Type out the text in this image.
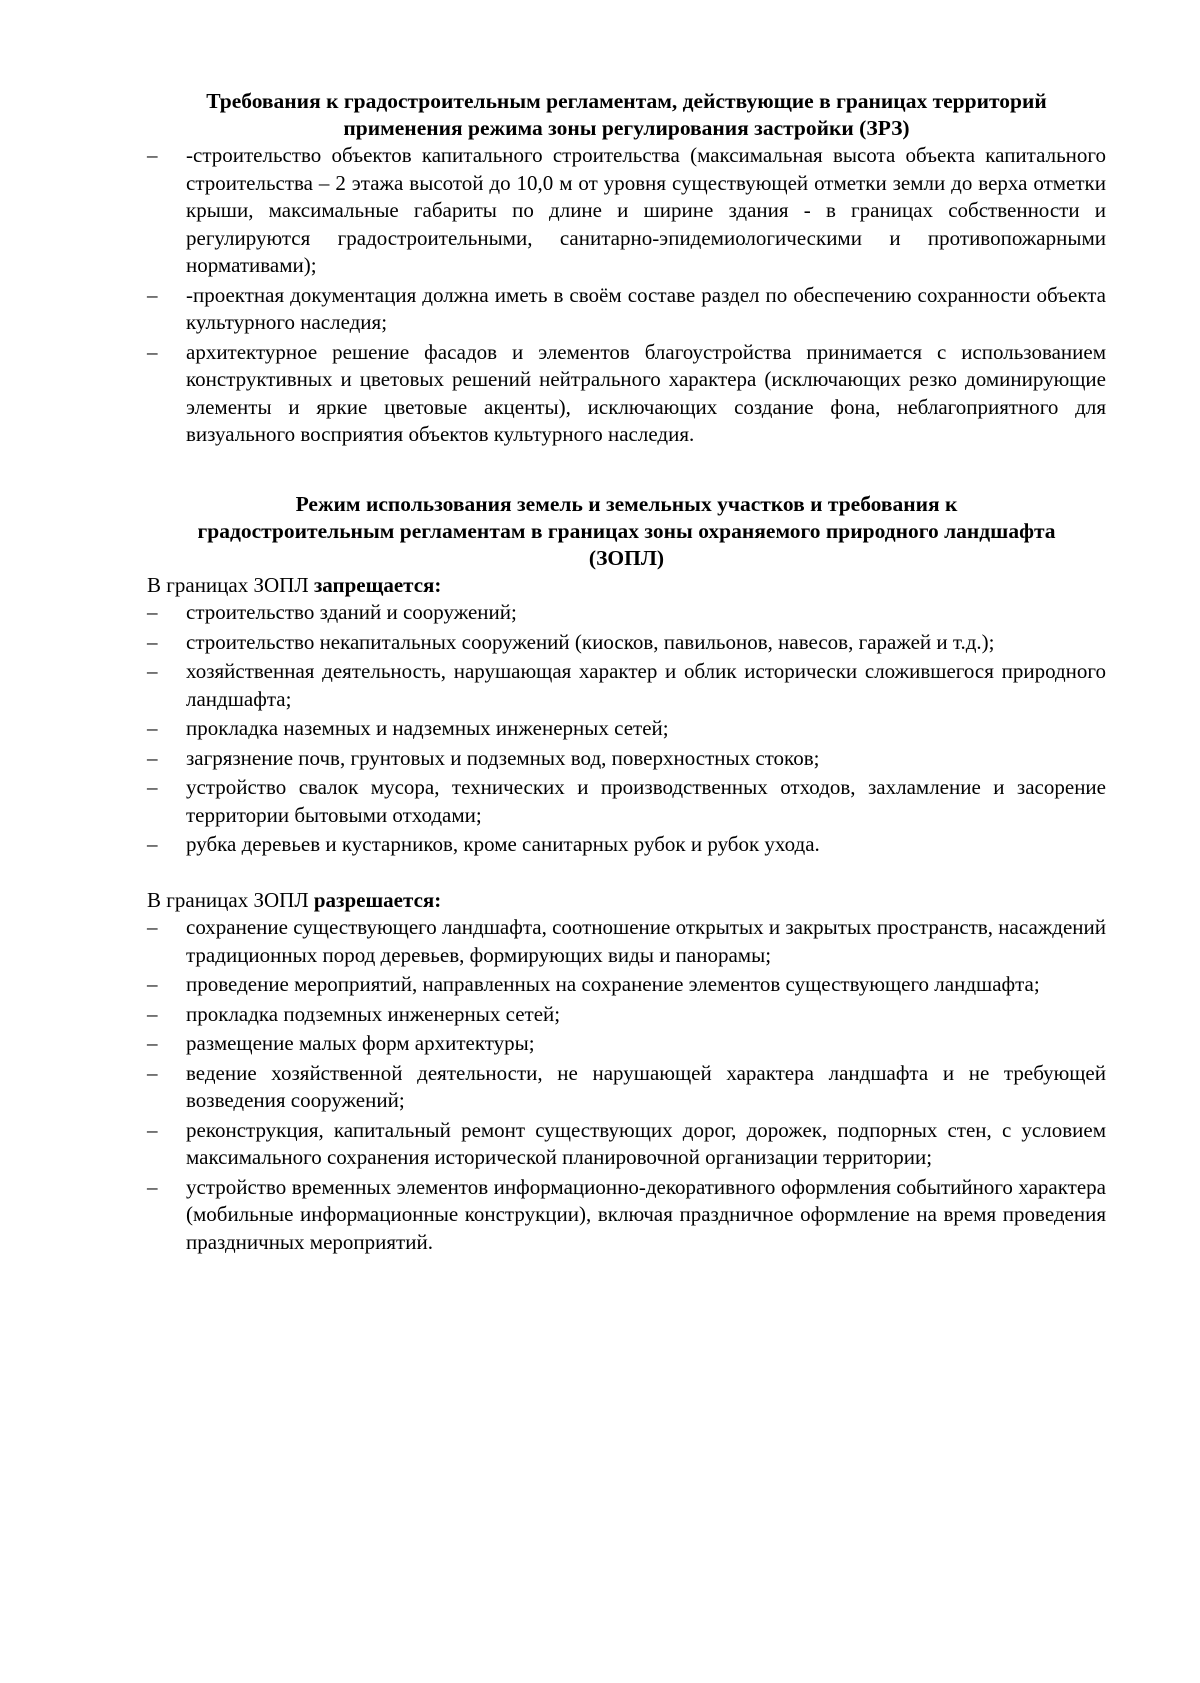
Требования к градостроительным регламентам, действующие в границах территорий
применения режима зоны регулирования застройки (ЗРЗ)
–	-строительство объектов капитального строительства (максимальная высота объекта капитального строительства – 2 этажа высотой до 10,0 м от уровня существующей отметки земли до верха отметки крыши, максимальные габариты по длине и ширине здания - в границах собственности и регулируются градостроительными, санитарно-эпидемиологическими и противопожарными нормативами);
–	-проектная документация должна иметь в своём составе раздел по обеспечению сохранности объекта культурного наследия;
–	архитектурное решение фасадов и элементов благоустройства принимается с использованием конструктивных и цветовых решений нейтрального характера (исключающих резко доминирующие элементы и яркие цветовые акценты), исключающих создание фона, неблагоприятного для визуального восприятия объектов культурного наследия.
Режим использования земель и земельных участков и требования к
градостроительным регламентам в границах зоны охраняемого природного ландшафта
(ЗОПЛ)

В границах ЗОПЛ запрещается:

–	строительство зданий и сооружений;
–	строительство некапитальных сооружений (киосков, павильонов, навесов, гаражей и т.д.);
–	хозяйственная деятельность, нарушающая характер и облик исторически сложившегося природного ландшафта;
–	прокладка наземных и надземных инженерных сетей;
–	загрязнение почв, грунтовых и подземных вод, поверхностных стоков;
–	устройство свалок мусора, технических и производственных отходов, захламление и засорение территории бытовыми отходами;
–	рубка деревьев и кустарников, кроме санитарных рубок и рубок ухода.

В границах ЗОПЛ разрешается:

–	сохранение существующего ландшафта, соотношение открытых и закрытых пространств, насаждений традиционных пород деревьев, формирующих виды и панорамы;
–	проведение мероприятий, направленных на сохранение элементов существующего ландшафта;
–	прокладка подземных инженерных сетей;
–	размещение малых форм архитектуры;
–	ведение хозяйственной деятельности, не нарушающей характера ландшафта и не требующей возведения сооружений;
–	реконструкция, капитальный ремонт существующих дорог, дорожек, подпорных стен, с условием максимального сохранения исторической планировочной организации территории;
–	устройство временных элементов информационно-декоративного оформления событийного характера (мобильные информационные конструкции), включая праздничное оформление на время проведения праздничных мероприятий.
